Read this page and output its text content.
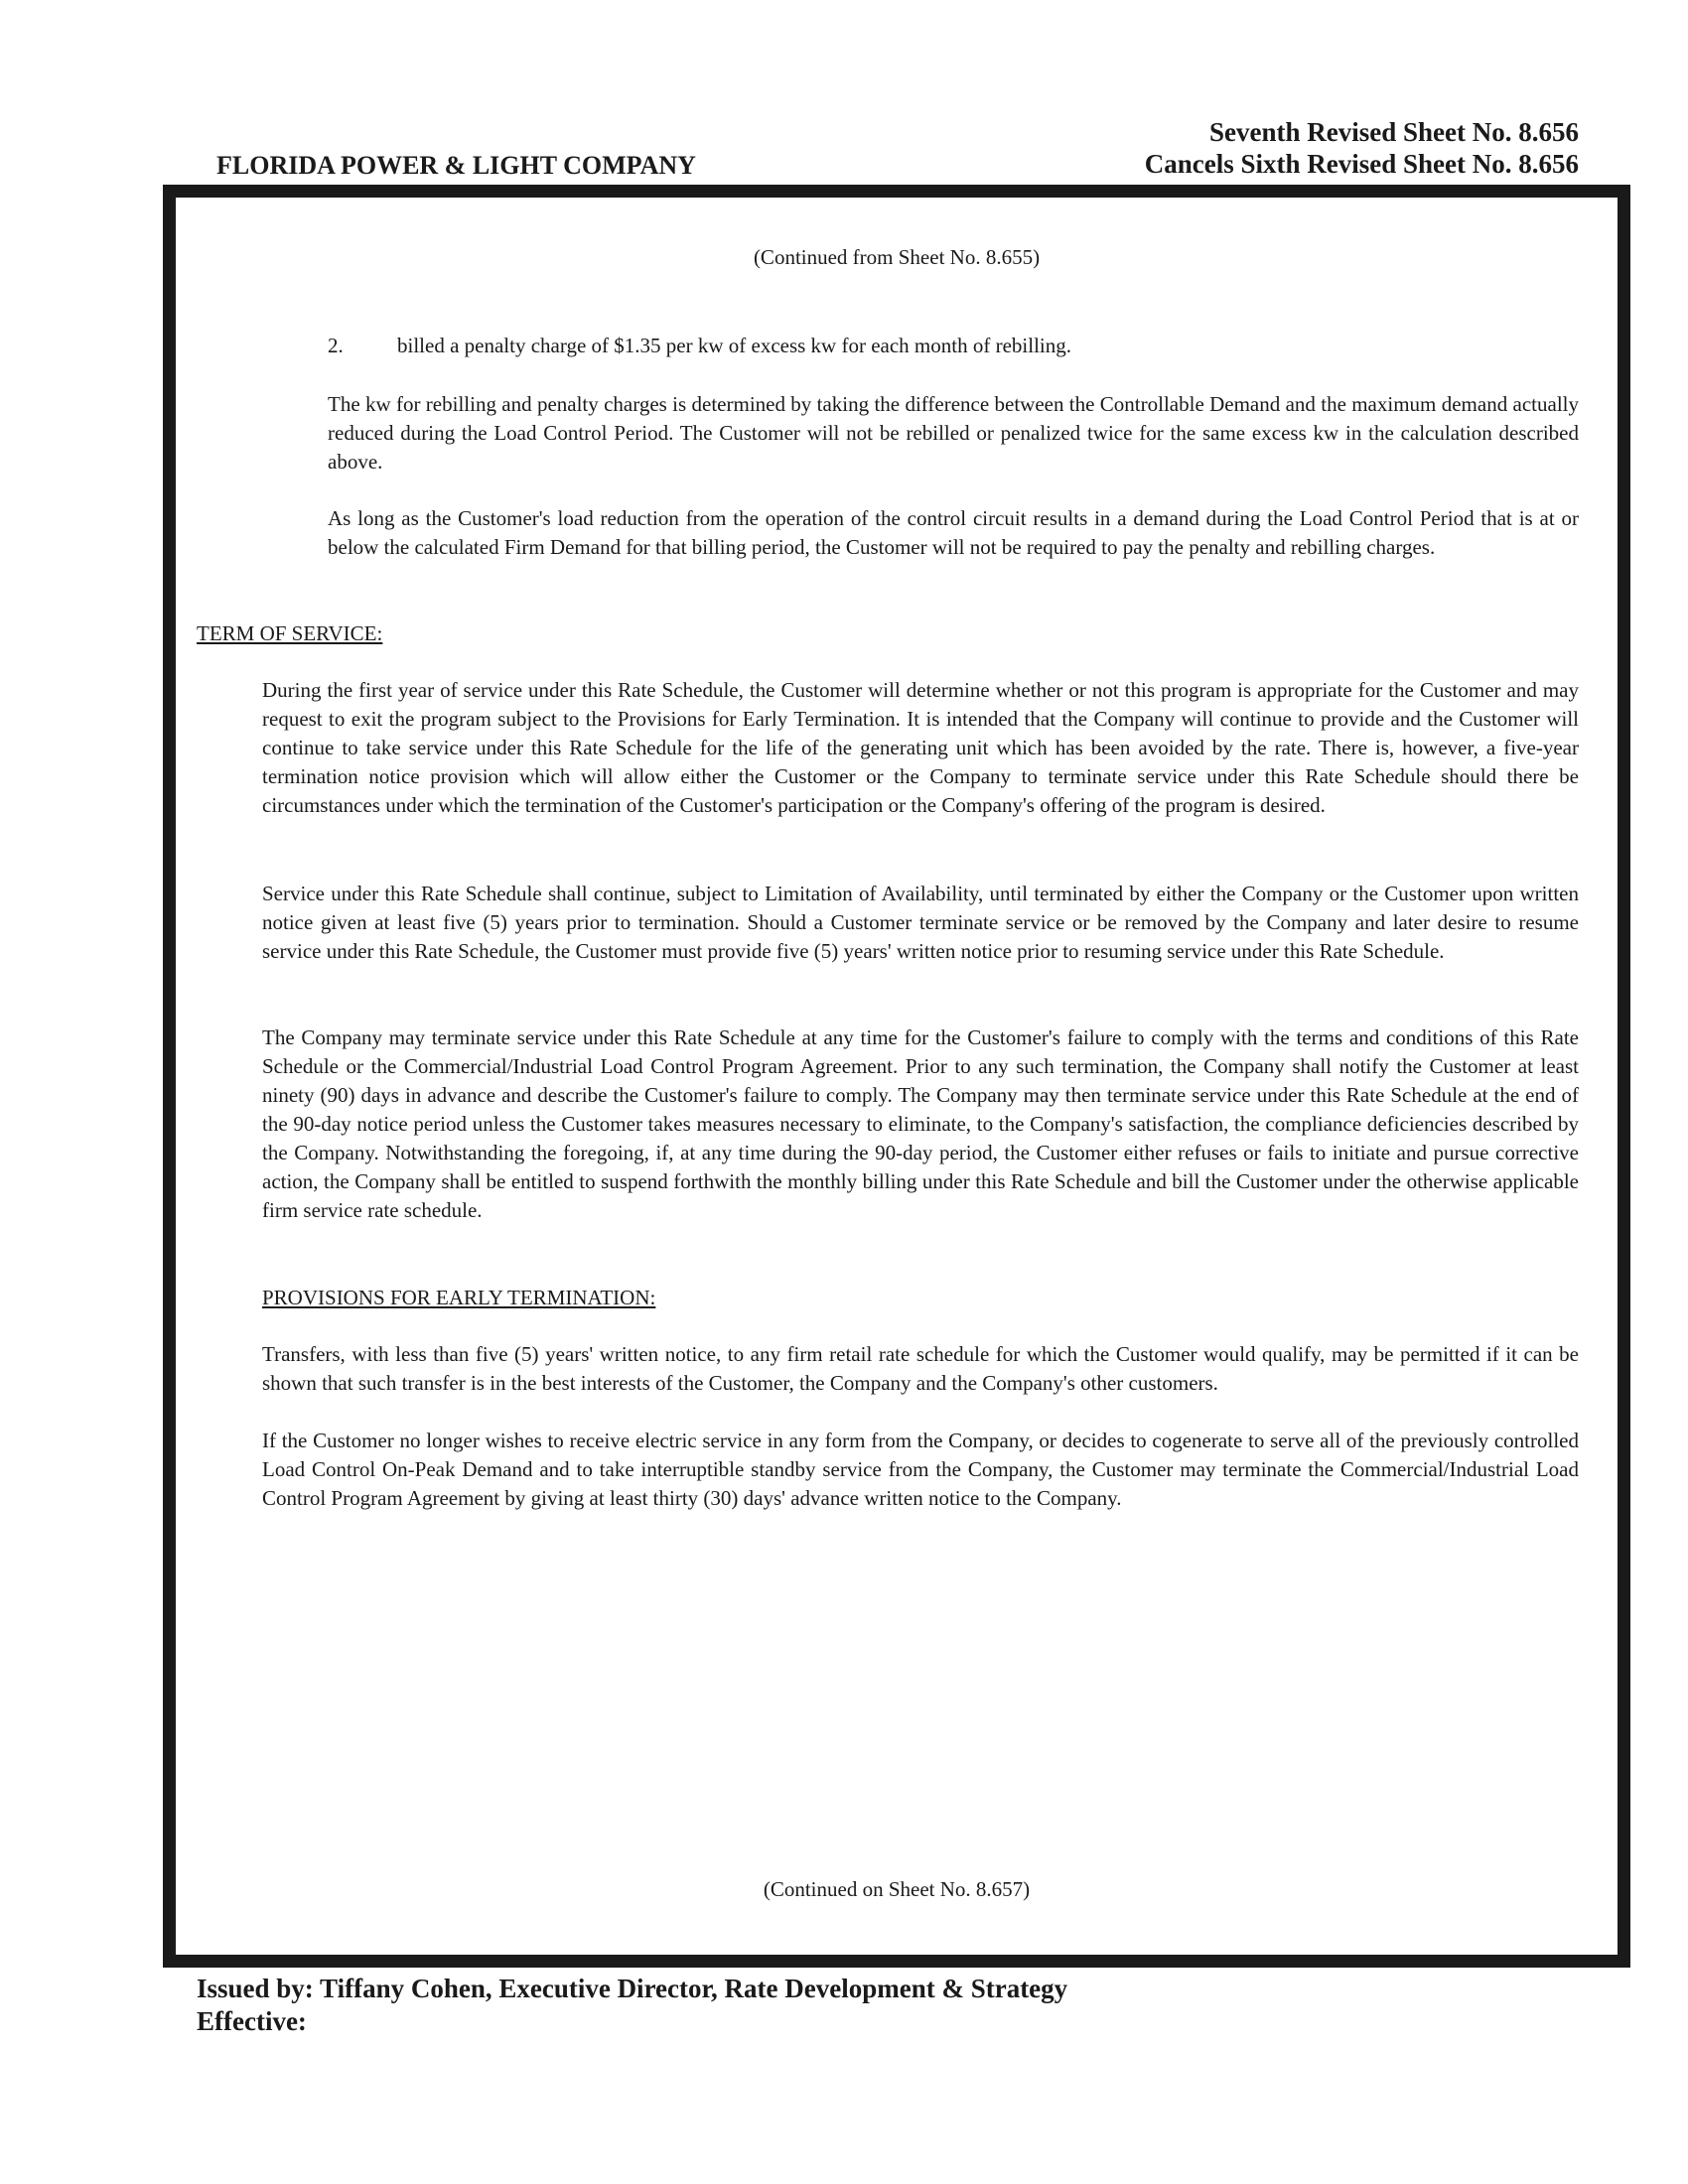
Seventh Revised Sheet No. 8.656
Cancels Sixth Revised Sheet No. 8.656
FLORIDA POWER & LIGHT COMPANY
(Continued from Sheet No. 8.655)
2.	billed a penalty charge of $1.35 per kw of excess kw for each month of rebilling.
The kw for rebilling and penalty charges is determined by taking the difference between the Controllable Demand and the maximum demand actually reduced during the Load Control Period. The Customer will not be rebilled or penalized twice for the same excess kw in the calculation described above.
As long as the Customer's load reduction from the operation of the control circuit results in a demand during the Load Control Period that is at or below the calculated Firm Demand for that billing period, the Customer will not be required to pay the penalty and rebilling charges.
TERM OF SERVICE:
During the first year of service under this Rate Schedule, the Customer will determine whether or not this program is appropriate for the Customer and may request to exit the program subject to the Provisions for Early Termination. It is intended that the Company will continue to provide and the Customer will continue to take service under this Rate Schedule for the life of the generating unit which has been avoided by the rate. There is, however, a five-year termination notice provision which will allow either the Customer or the Company to terminate service under this Rate Schedule should there be circumstances under which the termination of the Customer's participation or the Company's offering of the program is desired.
Service under this Rate Schedule shall continue, subject to Limitation of Availability, until terminated by either the Company or the Customer upon written notice given at least five (5) years prior to termination. Should a Customer terminate service or be removed by the Company and later desire to resume service under this Rate Schedule, the Customer must provide five (5) years' written notice prior to resuming service under this Rate Schedule.
The Company may terminate service under this Rate Schedule at any time for the Customer's failure to comply with the terms and conditions of this Rate Schedule or the Commercial/Industrial Load Control Program Agreement. Prior to any such termination, the Company shall notify the Customer at least ninety (90) days in advance and describe the Customer's failure to comply. The Company may then terminate service under this Rate Schedule at the end of the 90-day notice period unless the Customer takes measures necessary to eliminate, to the Company's satisfaction, the compliance deficiencies described by the Company. Notwithstanding the foregoing, if, at any time during the 90-day period, the Customer either refuses or fails to initiate and pursue corrective action, the Company shall be entitled to suspend forthwith the monthly billing under this Rate Schedule and bill the Customer under the otherwise applicable firm service rate schedule.
PROVISIONS FOR EARLY TERMINATION:
Transfers, with less than five (5) years' written notice, to any firm retail rate schedule for which the Customer would qualify, may be permitted if it can be shown that such transfer is in the best interests of the Customer, the Company and the Company's other customers.
If the Customer no longer wishes to receive electric service in any form from the Company, or decides to cogenerate to serve all of the previously controlled Load Control On-Peak Demand and to take interruptible standby service from the Company, the Customer may terminate the Commercial/Industrial Load Control Program Agreement by giving at least thirty (30) days' advance written notice to the Company.
(Continued on Sheet No. 8.657)
Issued by: Tiffany Cohen, Executive Director, Rate Development & Strategy
Effective:
